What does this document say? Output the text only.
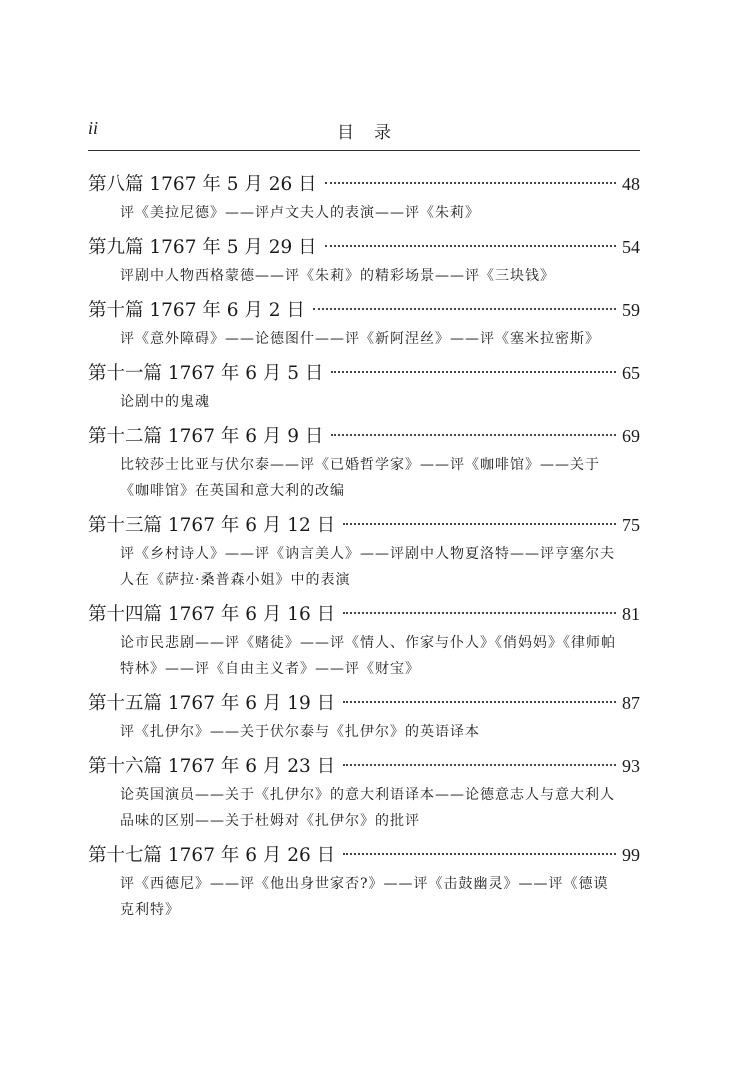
ii	目录
第八篇 1767 年 5 月 26 日	48
评《美拉尼德》——评卢文夫人的表演——评《朱莉》
第九篇 1767 年 5 月 29 日	54
评剧中人物西格蒙德——评《朱莉》的精彩场景——评《三块钱》
第十篇 1767 年 6 月 2 日	59
评《意外障碍》——论德图什——评《新阿涅丝》——评《塞米拉密斯》
第十一篇 1767 年 6 月 5 日	65
论剧中的鬼魂
第十二篇 1767 年 6 月 9 日	69
比较莎士比亚与伏尔泰——评《已婚哲学家》——评《咖啡馆》——关于《咖啡馆》在英国和意大利的改编
第十三篇 1767 年 6 月 12 日	75
评《乡村诗人》——评《讷言美人》——评剧中人物夏洛特——评亨塞尔夫人在《萨拉·桑普森小姐》中的表演
第十四篇 1767 年 6 月 16 日	81
论市民悲剧——评《赌徒》——评《情人、作家与仆人》《俏妈妈》《律师帕特林》——评《自由主义者》——评《财宝》
第十五篇 1767 年 6 月 19 日	87
评《扎伊尔》——关于伏尔泰与《扎伊尔》的英语译本
第十六篇 1767 年 6 月 23 日	93
论英国演员——关于《扎伊尔》的意大利语译本——论德意志人与意大利人品味的区别——关于杜姆对《扎伊尔》的批评
第十七篇 1767 年 6 月 26 日	99
评《西德尼》——评《他出身世家否?》——评《击鼓幽灵》——评《德谟克利特》
